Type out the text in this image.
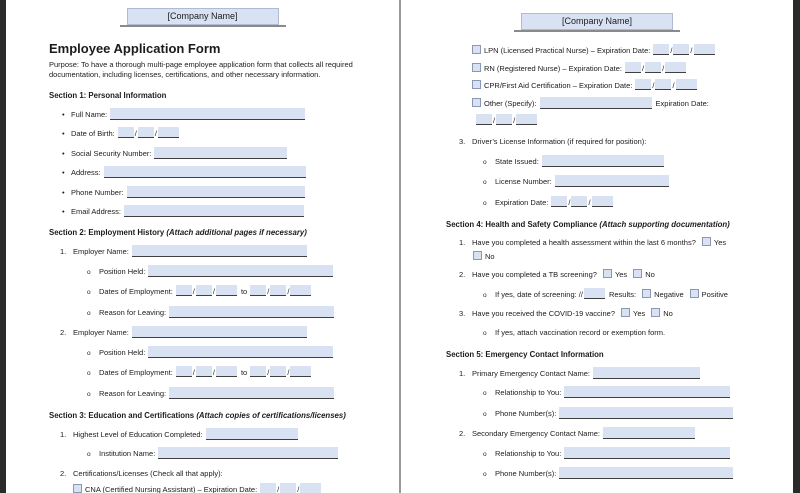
[Company Name]
Employee Application Form
Purpose: To have a thorough multi-page employee application form that collects all required documentation, including licenses, certifications, and other necessary information.
Section 1: Personal Information
• Full Name:
• Date of Birth:	/ /
• Social Security Number:
• Address:
• Phone Number:
• Email Address:
Section 2: Employment History (Attach additional pages if necessary)
1. Employer Name:
o Position Held:
o Dates of Employment:	/ /	to	/ /
o Reason for Leaving:
2. Employer Name:
o Position Held:
o Dates of Employment:	/ /	to	/ /
o Reason for Leaving:
Section 3: Education and Certifications (Attach copies of certifications/licenses)
1. Highest Level of Education Completed:
o Institution Name:
2. Certifications/Licenses (Check all that apply):
CNA (Certified Nursing Assistant) – Expiration Date:	/ /
[Company Name]
LPN (Licensed Practical Nurse) – Expiration Date:	/ /
RN (Registered Nurse) – Expiration Date:	/ /
CPR/First Aid Certification – Expiration Date:	/ /
Other (Specify):	Expiration Date:
/ /
3. Driver’s License Information (if required for position):
o State Issued:
o License Number:
o Expiration Date:	/ /
Section 4: Health and Safety Compliance (Attach supporting documentation)
1. Have you completed a health assessment within the last 6 months? Yes
No
2. Have you completed a TB screening? Yes No
o If yes, date of screening: //	Results: Negative Positive
3. Have you received the COVID-19 vaccine? Yes No
o If yes, attach vaccination record or exemption form.
Section 5: Emergency Contact Information
1. Primary Emergency Contact Name:
o Relationship to You:
o Phone Number(s):
2. Secondary Emergency Contact Name:
o Relationship to You:
o Phone Number(s):
